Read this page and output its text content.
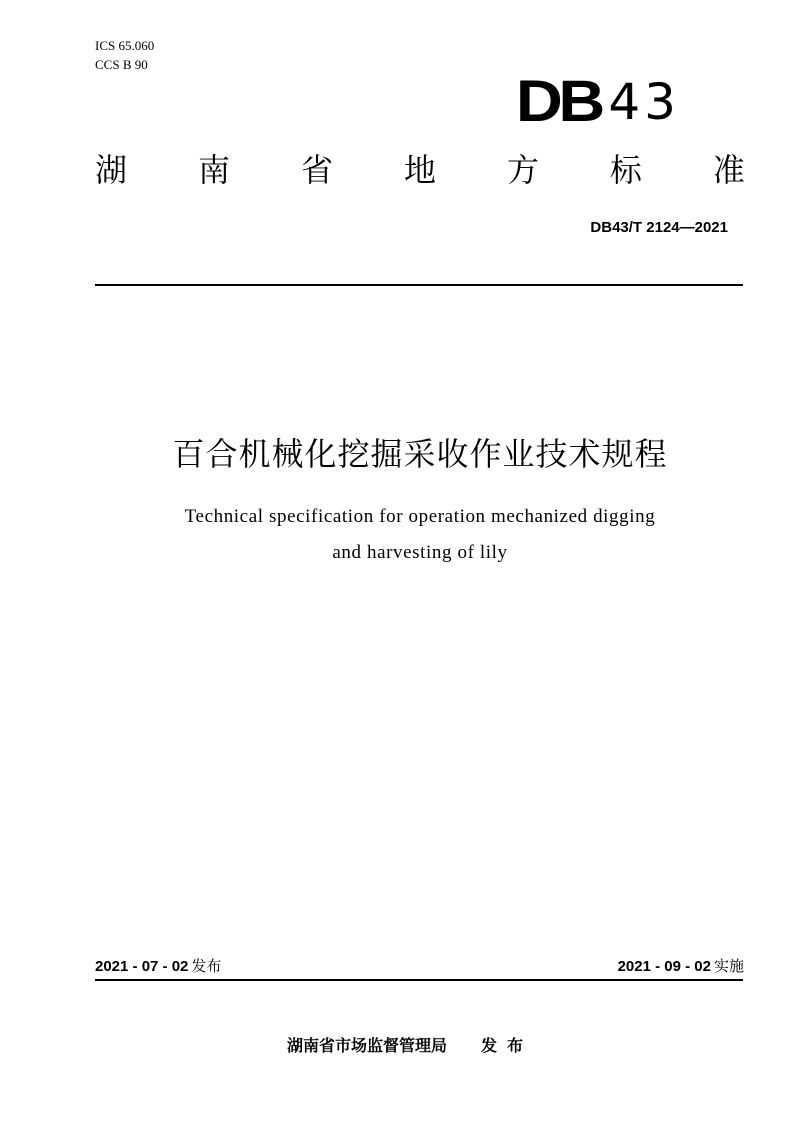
ICS 65.060
CCS B 90
DB 43
湖 南 省 地 方 标 准
DB43/T 2124—2021
百合机械化挖掘采收作业技术规程
Technical specification for operation mechanized digging
and harvesting of lily
2021 - 07 - 02 发布	2021 - 09 - 02 实施
湖南省市场监督管理局 发布
